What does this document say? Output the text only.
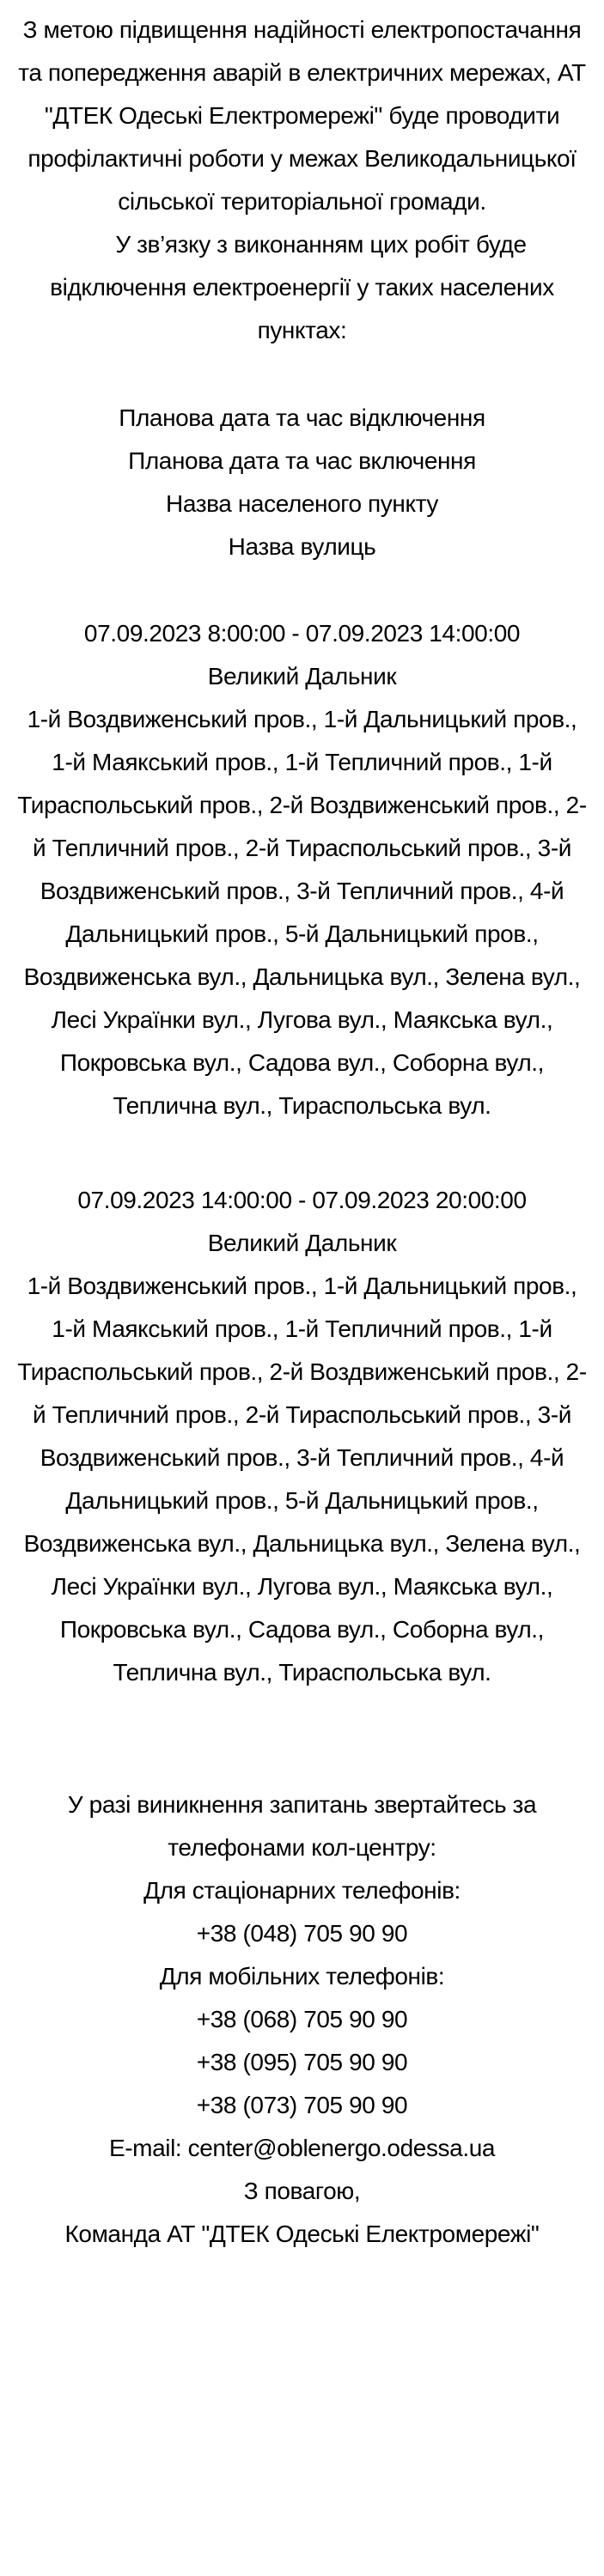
З метою підвищення надійності електропостачання та попередження аварій в електричних мережах, АТ "ДТЕК Одеські Електромережі" буде проводити профілактичні роботи у межах Великодальницької сільської територіальної громади.

У зв’язку з виконанням цих робіт буде відключення електроенергії у таких населених пунктах:

Планова дата та час відключення

Планова дата та час включення

Назва населеного пункту

Назва вулиць

07.09.2023 8:00:00 - 07.09.2023 14:00:00

Великий Дальник

1-й Воздвиженський пров., 1-й Дальницький пров., 1-й Маякський пров., 1-й Тепличний пров., 1-й Тираспольський пров., 2-й Воздвиженський пров., 2-й Тепличний пров., 2-й Тираспольський пров., 3-й Воздвиженський пров., 3-й Тепличний пров., 4-й Дальницький пров., 5-й Дальницький пров., Воздвиженська вул., Дальницька вул., Зелена вул., Лесі Українки вул., Лугова вул., Маякська вул., Покровська вул., Садова вул., Соборна вул., Теплична вул., Тираспольська вул.

07.09.2023 14:00:00 - 07.09.2023 20:00:00

Великий Дальник

1-й Воздвиженський пров., 1-й Дальницький пров., 1-й Маякський пров., 1-й Тепличний пров., 1-й Тираспольський пров., 2-й Воздвиженський пров., 2-й Тепличний пров., 2-й Тираспольський пров., 3-й Воздвиженський пров., 3-й Тепличний пров., 4-й Дальницький пров., 5-й Дальницький пров., Воздвиженська вул., Дальницька вул., Зелена вул., Лесі Українки вул., Лугова вул., Маякська вул., Покровська вул., Садова вул., Соборна вул., Теплична вул., Тираспольська вул.

У разі виникнення запитань звертайтесь за телефонами кол-центру:

Для стаціонарних телефонів:

+38 (048) 705 90 90

Для мобільних телефонів:

+38 (068) 705 90 90

+38 (095) 705 90 90

+38 (073) 705 90 90

E-mail: center@oblenergo.odessa.ua

З повагою,

Команда АТ "ДТЕК Одеські Електромережі"
